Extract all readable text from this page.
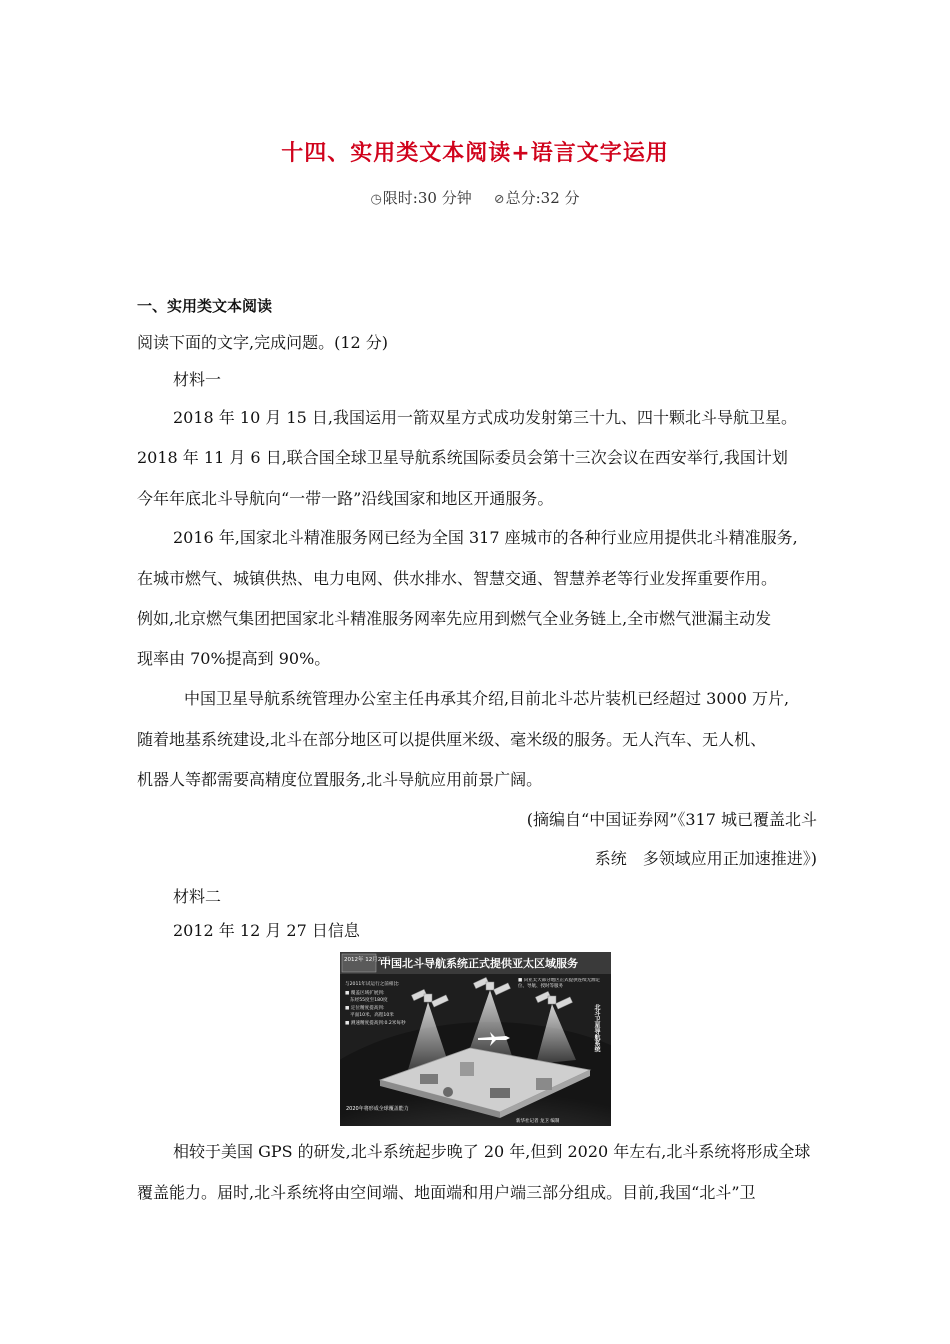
十四、实用类文本阅读+语言文字运用
◷限时:30 分钟 ⊘总分:32 分
一、实用类文本阅读
阅读下面的文字,完成问题。(12 分)
材料一
2018 年 10 月 15 日,我国运用一箭双星方式成功发射第三十九、四十颗北斗导航卫星。
2018 年 11 月 6 日,联合国全球卫星导航系统国际委员会第十三次会议在西安举行,我国计划
今年年底北斗导航向“一带一路”沿线国家和地区开通服务。
2016 年,国家北斗精准服务网已经为全国 317 座城市的各种行业应用提供北斗精准服务,
在城市燃气、城镇供热、电力电网、供水排水、智慧交通、智慧养老等行业发挥重要作用。
例如,北京燃气集团把国家北斗精准服务网率先应用到燃气全业务链上,全市燃气泄漏主动发
现率由 70%提高到 90%。
中国卫星导航系统管理办公室主任冉承其介绍,目前北斗芯片装机已经超过 3000 万片,
随着地基系统建设,北斗在部分地区可以提供厘米级、毫米级的服务。无人汽车、无人机、
机器人等都需要高精度位置服务,北斗导航应用前景广阔。
(摘编自“中国证券网”《317 城已覆盖北斗
系统　多领域应用正加速推进》)
材料二
2012 年 12 月 27 日信息
2012年 12月27日
中国北斗导航系统正式提供亚太区域服务
与2011年试运行之前相比:
■ 覆盖区域扩展到:
东经55度至180度
■ 定位精度提高到:
平面10米、高程10米
■ 测速精度提高到:0.2米每秒
■ 向亚太大部分地区正式提供连续无源定位、导航、授时等服务
北斗卫星导航系统
2020年将形成全球覆盖能力
新华社记者 龙卫 编制
相较于美国 GPS 的研发,北斗系统起步晚了 20 年,但到 2020 年左右,北斗系统将形成全球
覆盖能力。届时,北斗系统将由空间端、地面端和用户端三部分组成。目前,我国“北斗”卫
